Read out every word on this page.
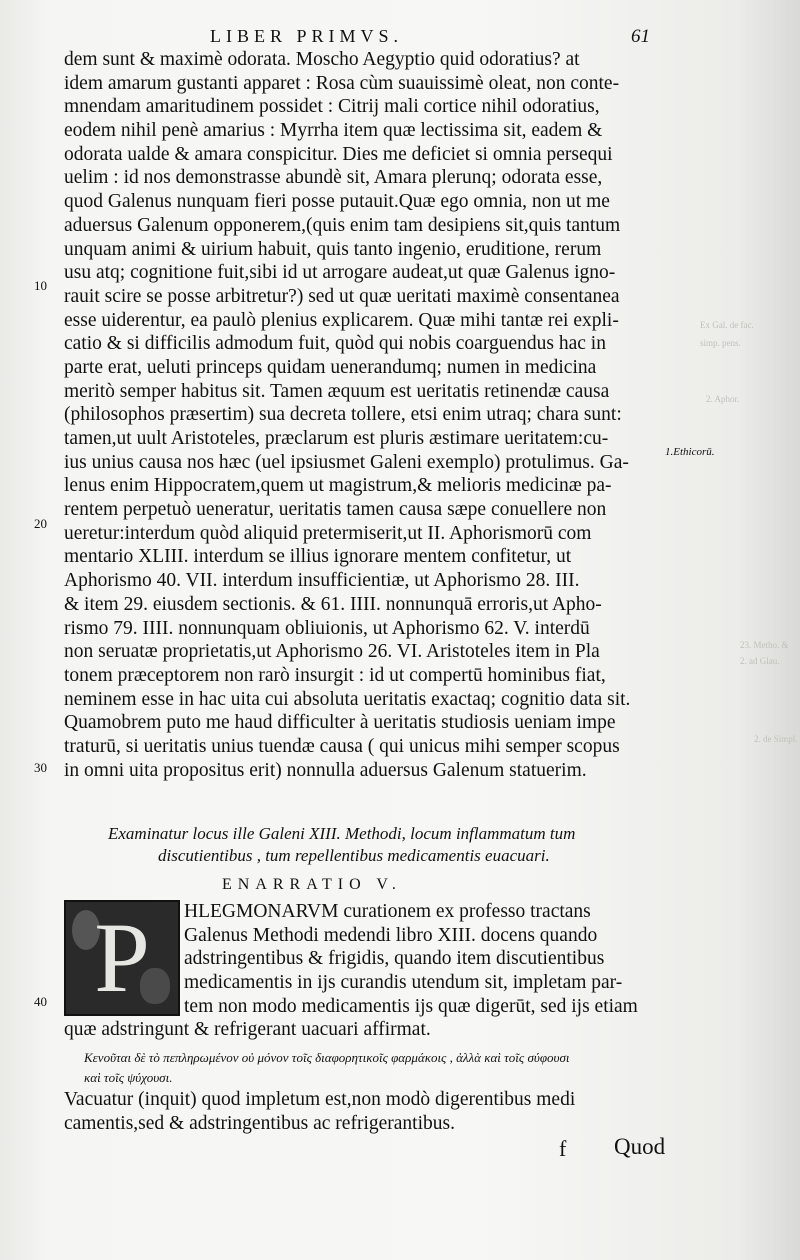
LIBER PRIMVS.	61
dem sunt & maximè odorata. Moscho Aegyptio quid odoratius? at
idem amarum gustanti apparet : Rosa cùm suauissimè oleat, non conte-
mnendam amaritudinem possidet : Citrij mali cortice nihil odoratius,
eodem nihil penè amarius : Myrrha item quæ lectissima sit, eadem &
odorata ualde & amara conspicitur. Dies me deficiet si omnia persequi
uelim : id nos demonstrasse abundè sit, Amara plerunq; odorata esse,
quod Galenus nunquam fieri posse putauit.Quæ ego omnia, non ut me
aduersus Galenum opponerem,(quis enim tam desipiens sit,quis tantum
unquam animi & uirium habuit, quis tanto ingenio, eruditione, rerum
usu atq; cognitione fuit,sibi id ut arrogare audeat,ut quæ Galenus igno-
rauit scire se posse arbitretur?) sed ut quæ ueritati maximè consentanea
esse uiderentur, ea paulò plenius explicarem. Quæ mihi tantæ rei expli-
catio & si difficilis admodum fuit, quòd qui nobis coarguendus hac in
parte erat, ueluti princeps quidam uenerandumq; numen in medicina
meritò semper habitus sit. Tamen æquum est ueritatis retinendæ causa
(philosophos præsertim) sua decreta tollere, etsi enim utraq; chara sunt:
tamen,ut uult Aristoteles, præclarum est pluris æstimare ueritatem:cu-
ius unius causa nos hæc (uel ipsiusmet Galeni exemplo) protulimus. Ga-
lenus enim Hippocratem,quem ut magistrum,& melioris medicinæ pa-
rentem perpetuò ueneratur, ueritatis tamen causa sæpe conuellere non
ueretur:interdum quòd aliquid pretermiserit,ut II. Aphorismorū com
mentario XLIII. interdum se illius ignorare mentem confitetur, ut
Aphorismo 40. VII. interdum insufficientiæ, ut Aphorismo 28. III.
& item 29. eiusdem sectionis. & 61. IIII. nonnunquā erroris,ut Apho-
rismo 79. IIII. nonnunquam obliuionis, ut Aphorismo 62. V. interdū
non seruatæ proprietatis,ut Aphorismo 26. VI. Aristoteles item in Pla
tonem præceptorem non rarò insurgit : id ut compertū hominibus fiat,
neminem esse in hac uita cui absoluta ueritatis exactaq; cognitio data sit.
Quamobrem puto me haud difficulter à ueritatis studiosis ueniam impe
traturū, si ueritatis unius tuendæ causa ( qui unicus mihi semper scopus
in omni uita propositus erit) nonnulla aduersus Galenum statuerim.
10
20
30
40
1.Ethicorū.
Ex Gal. de fac.
simp. pens.
2. Aphor.
23. Metho. &
2. ad Glau.
2. de Simpl.
Examinatur locus ille Galeni XIII. Methodi, locum inflammatum tum
discutientibus , tum repellentibus medicamentis euacuari.
ENARRATIO V.
P	HLEGMONARVM curationem ex professo tractans
Galenus Methodi medendi libro XIII. docens quando
adstringentibus & frigidis, quando item discutientibus
medicamentis in ijs curandis utendum sit, impletam par-
tem non modo medicamentis ijs quæ digerūt, sed ijs etiam
quæ adstringunt & refrigerant uacuari affirmat.
Κενοῦται δὲ τὸ πεπληρωμένον οὐ μόνον τοῖς διαφορητικοῖς φαρμάκοις , ἀλλὰ καὶ τοῖς σύφουσι
καὶ τοῖς ψύχουσι.
Vacuatur (inquit) quod impletum est,non modò digerentibus medi
camentis,sed & adstringentibus ac refrigerantibus.
f Quod
